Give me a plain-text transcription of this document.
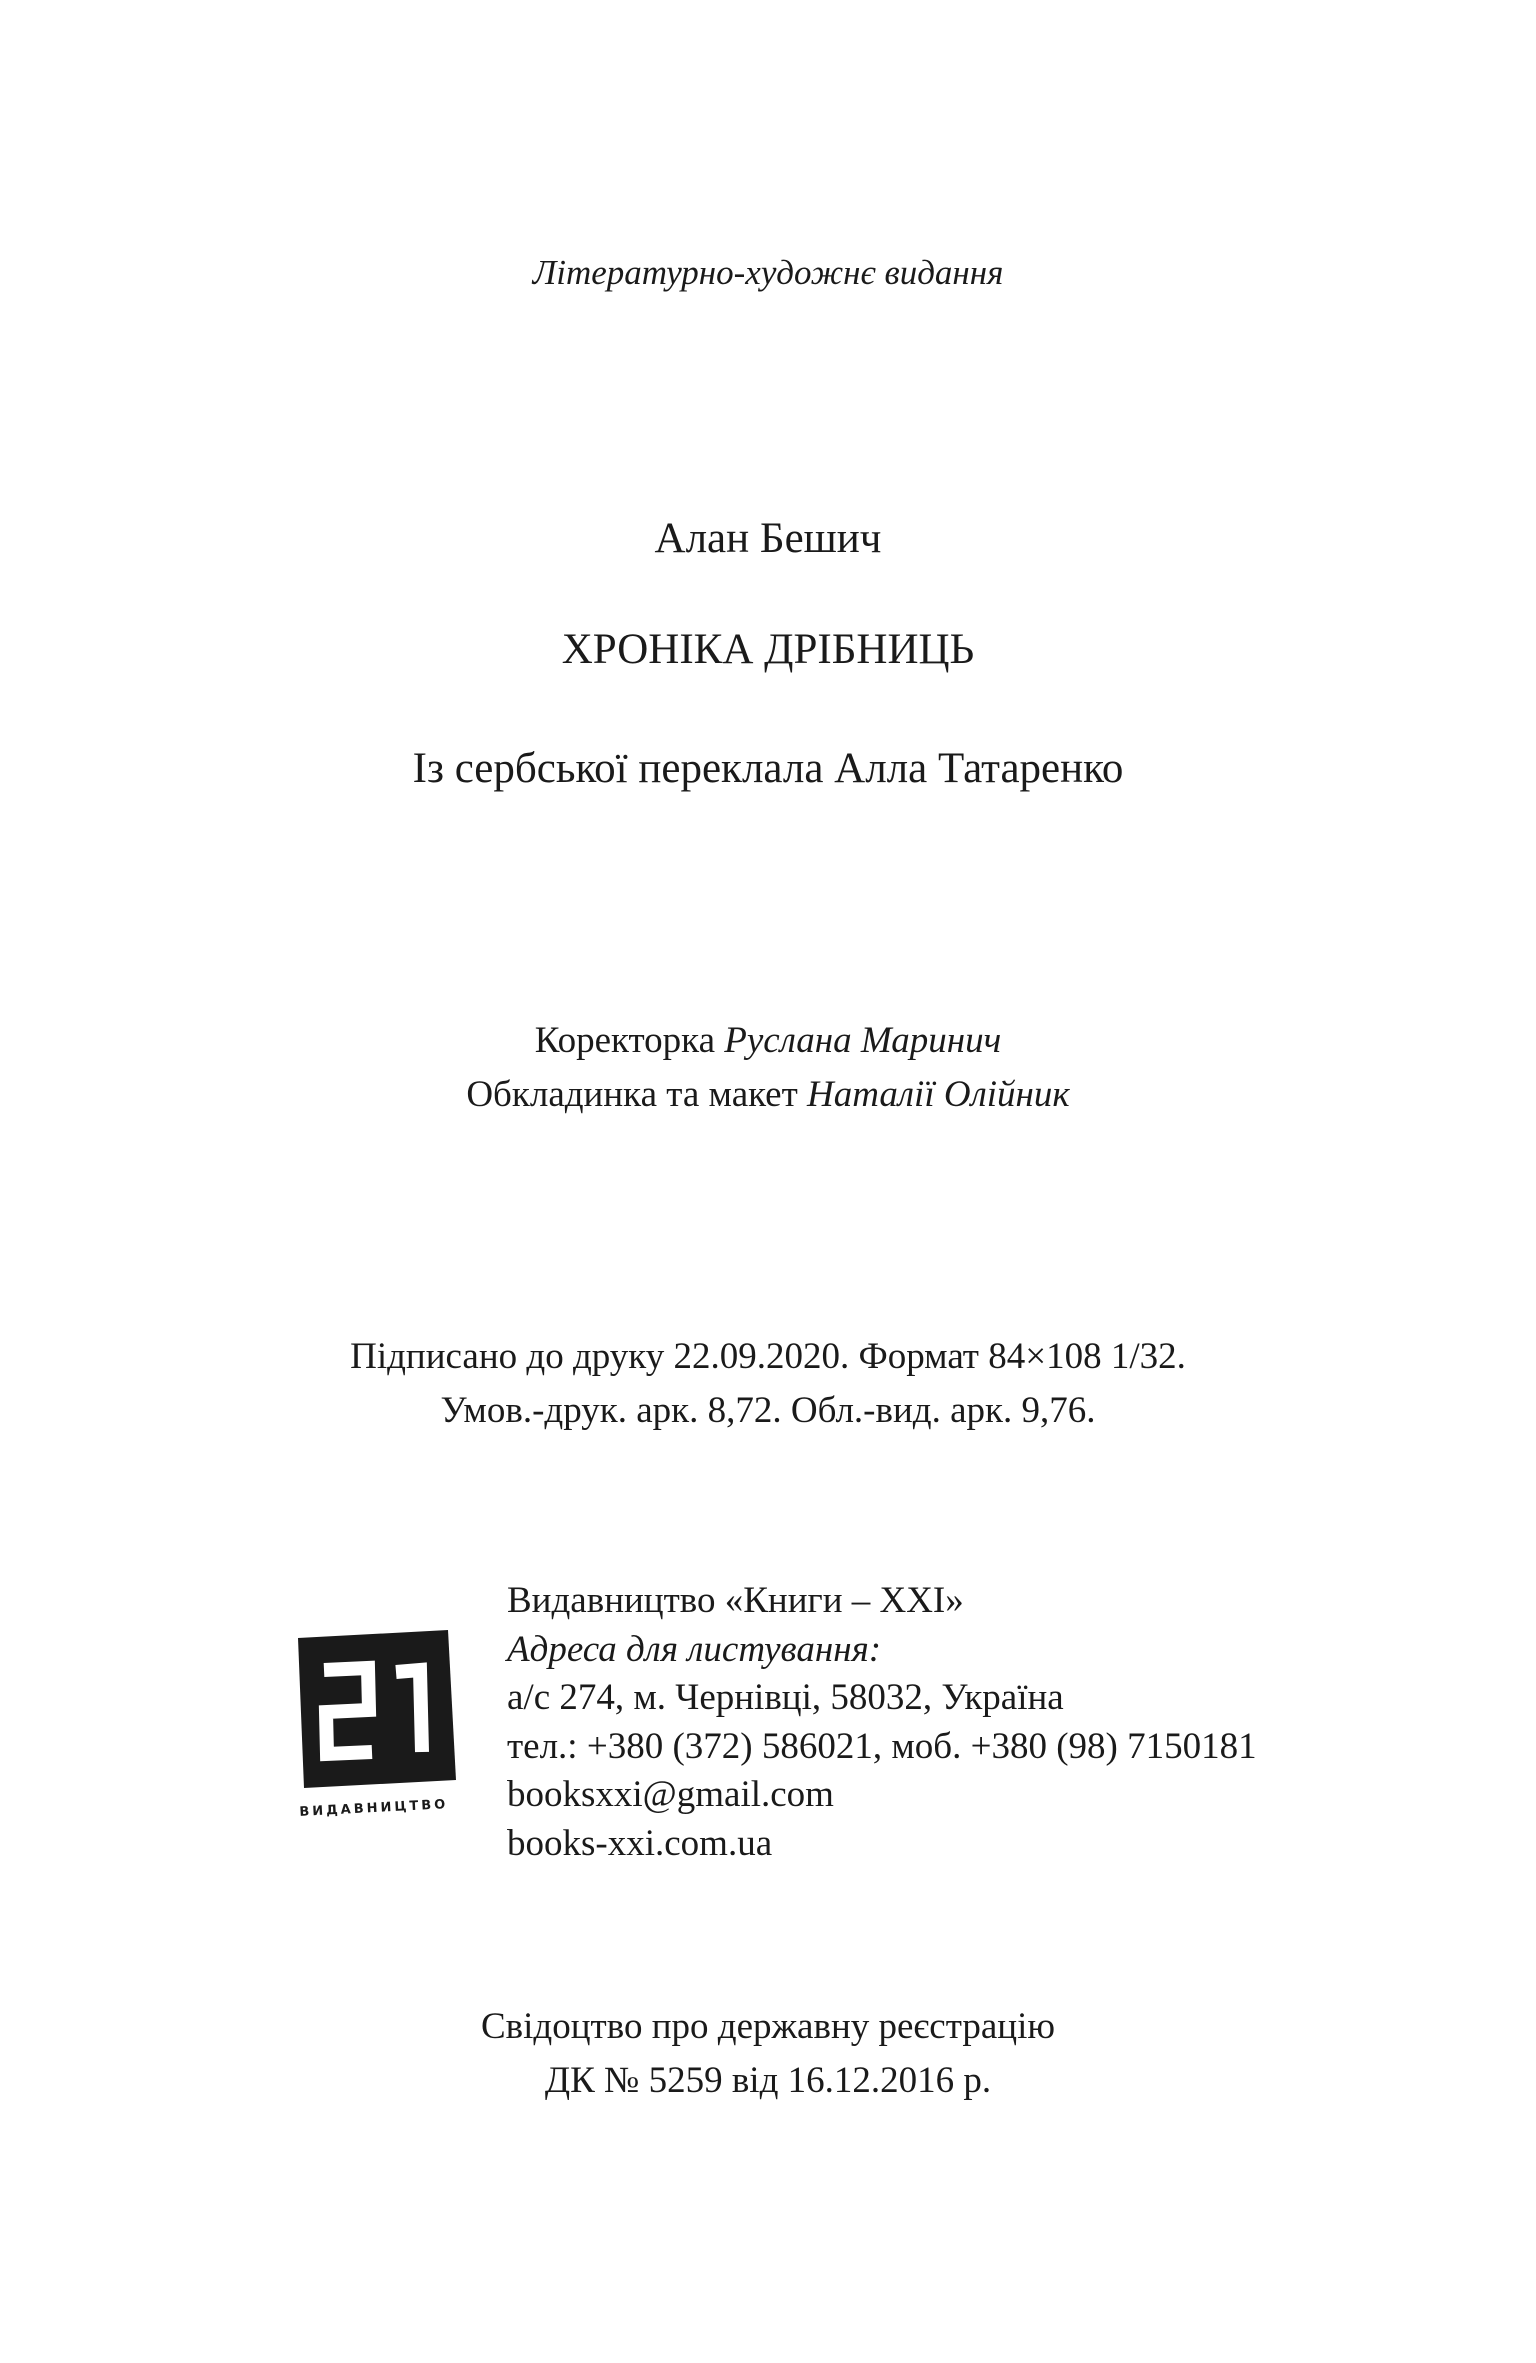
Літературно-художнє видання
Алан Бешич
ХРОНІКА ДРІБНИЦЬ
Із сербської переклала Алла Татаренко
Коректорка Руслана Маринич
Обкладинка та макет Наталії Олійник
Підписано до друку 22.09.2020. Формат 84×108 1/32.
Умов.-друк. арк. 8,72. Обл.-вид. арк. 9,76.
ВИДАВНИЦТВО
Видавництво «Книги – XXI»
Адреса для листування:
а/с 274, м. Чернівці, 58032, Україна
тел.: +380 (372) 586021, моб. +380 (98) 7150181
booksxxi@gmail.com
books-xxi.com.ua
Свідоцтво про державну реєстрацію
ДК № 5259 від 16.12.2016 р.
